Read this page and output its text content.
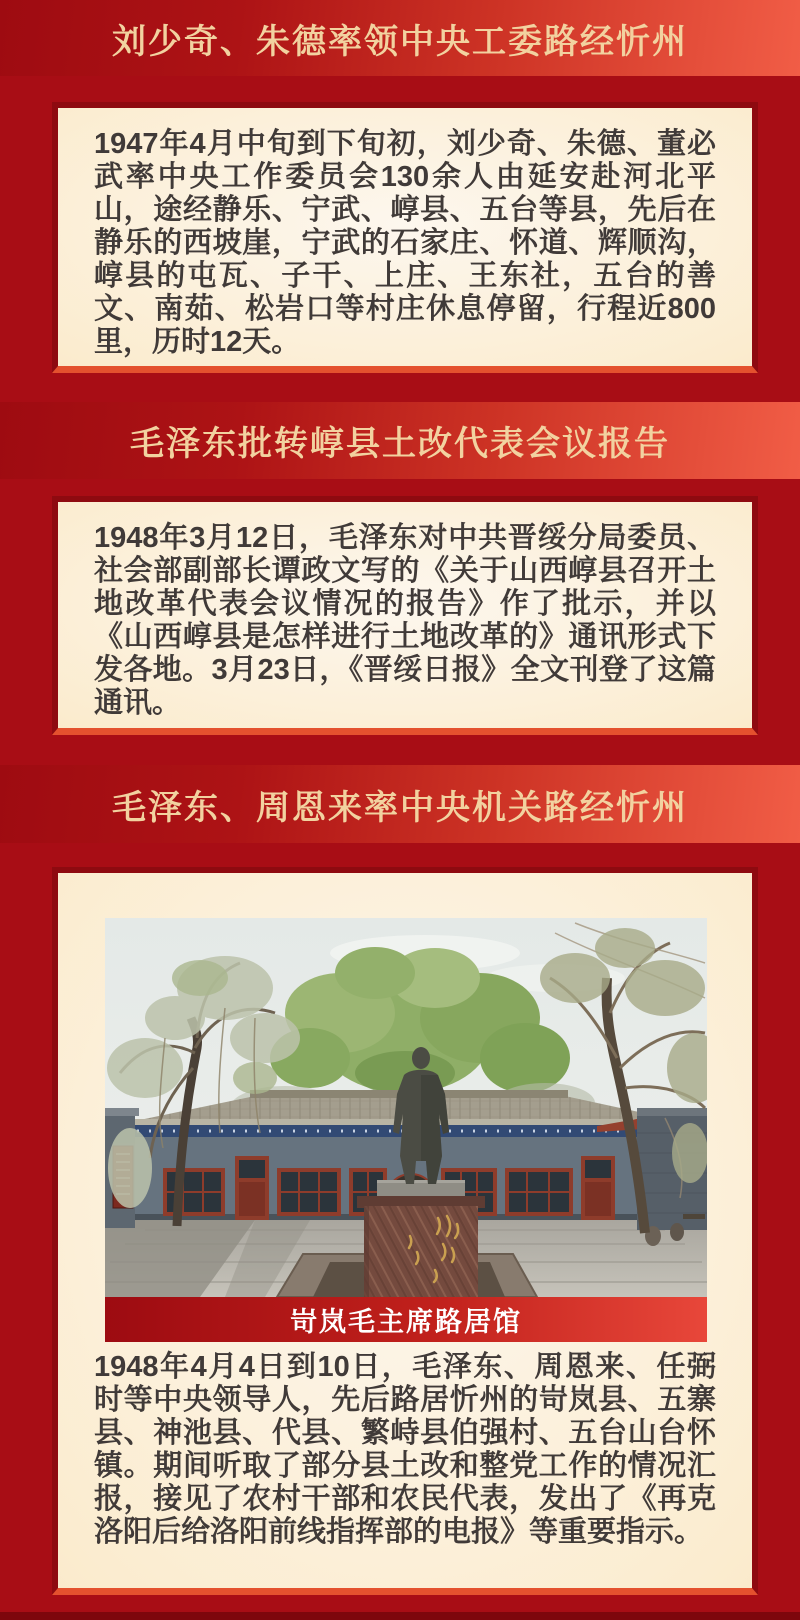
刘少奇、朱德率领中央工委路经忻州

1947年4月中旬到下旬初，刘少奇、朱德、董必武率中央工作委员会130余人由延安赴河北平山，途经静乐、宁武、崞县、五台等县，先后在静乐的西坡崖，宁武的石家庄、怀道、辉顺沟，崞县的屯瓦、子干、上庄、王东社，五台的善文、南茹、松岩口等村庄休息停留，行程近800里，历时12天。

毛泽东批转崞县土改代表会议报告

1948年3月12日，毛泽东对中共晋绥分局委员、社会部副部长谭政文写的《关于山西崞县召开土地改革代表会议情况的报告》作了批示，并以《山西崞县是怎样进行土地改革的》通讯形式下发各地。3月23日，《晋绥日报》全文刊登了这篇通讯。

毛泽东、周恩来率中央机关路经忻州
岢岚毛主席路居馆

1948年4月4日到10日，毛泽东、周恩来、任弼时等中央领导人，先后路居忻州的岢岚县、五寨县、神池县、代县、繁峙县伯强村、五台山台怀镇。期间听取了部分县土改和整党工作的情况汇报，接见了农村干部和农民代表，发出了《再克洛阳后给洛阳前线指挥部的电报》等重要指示。
